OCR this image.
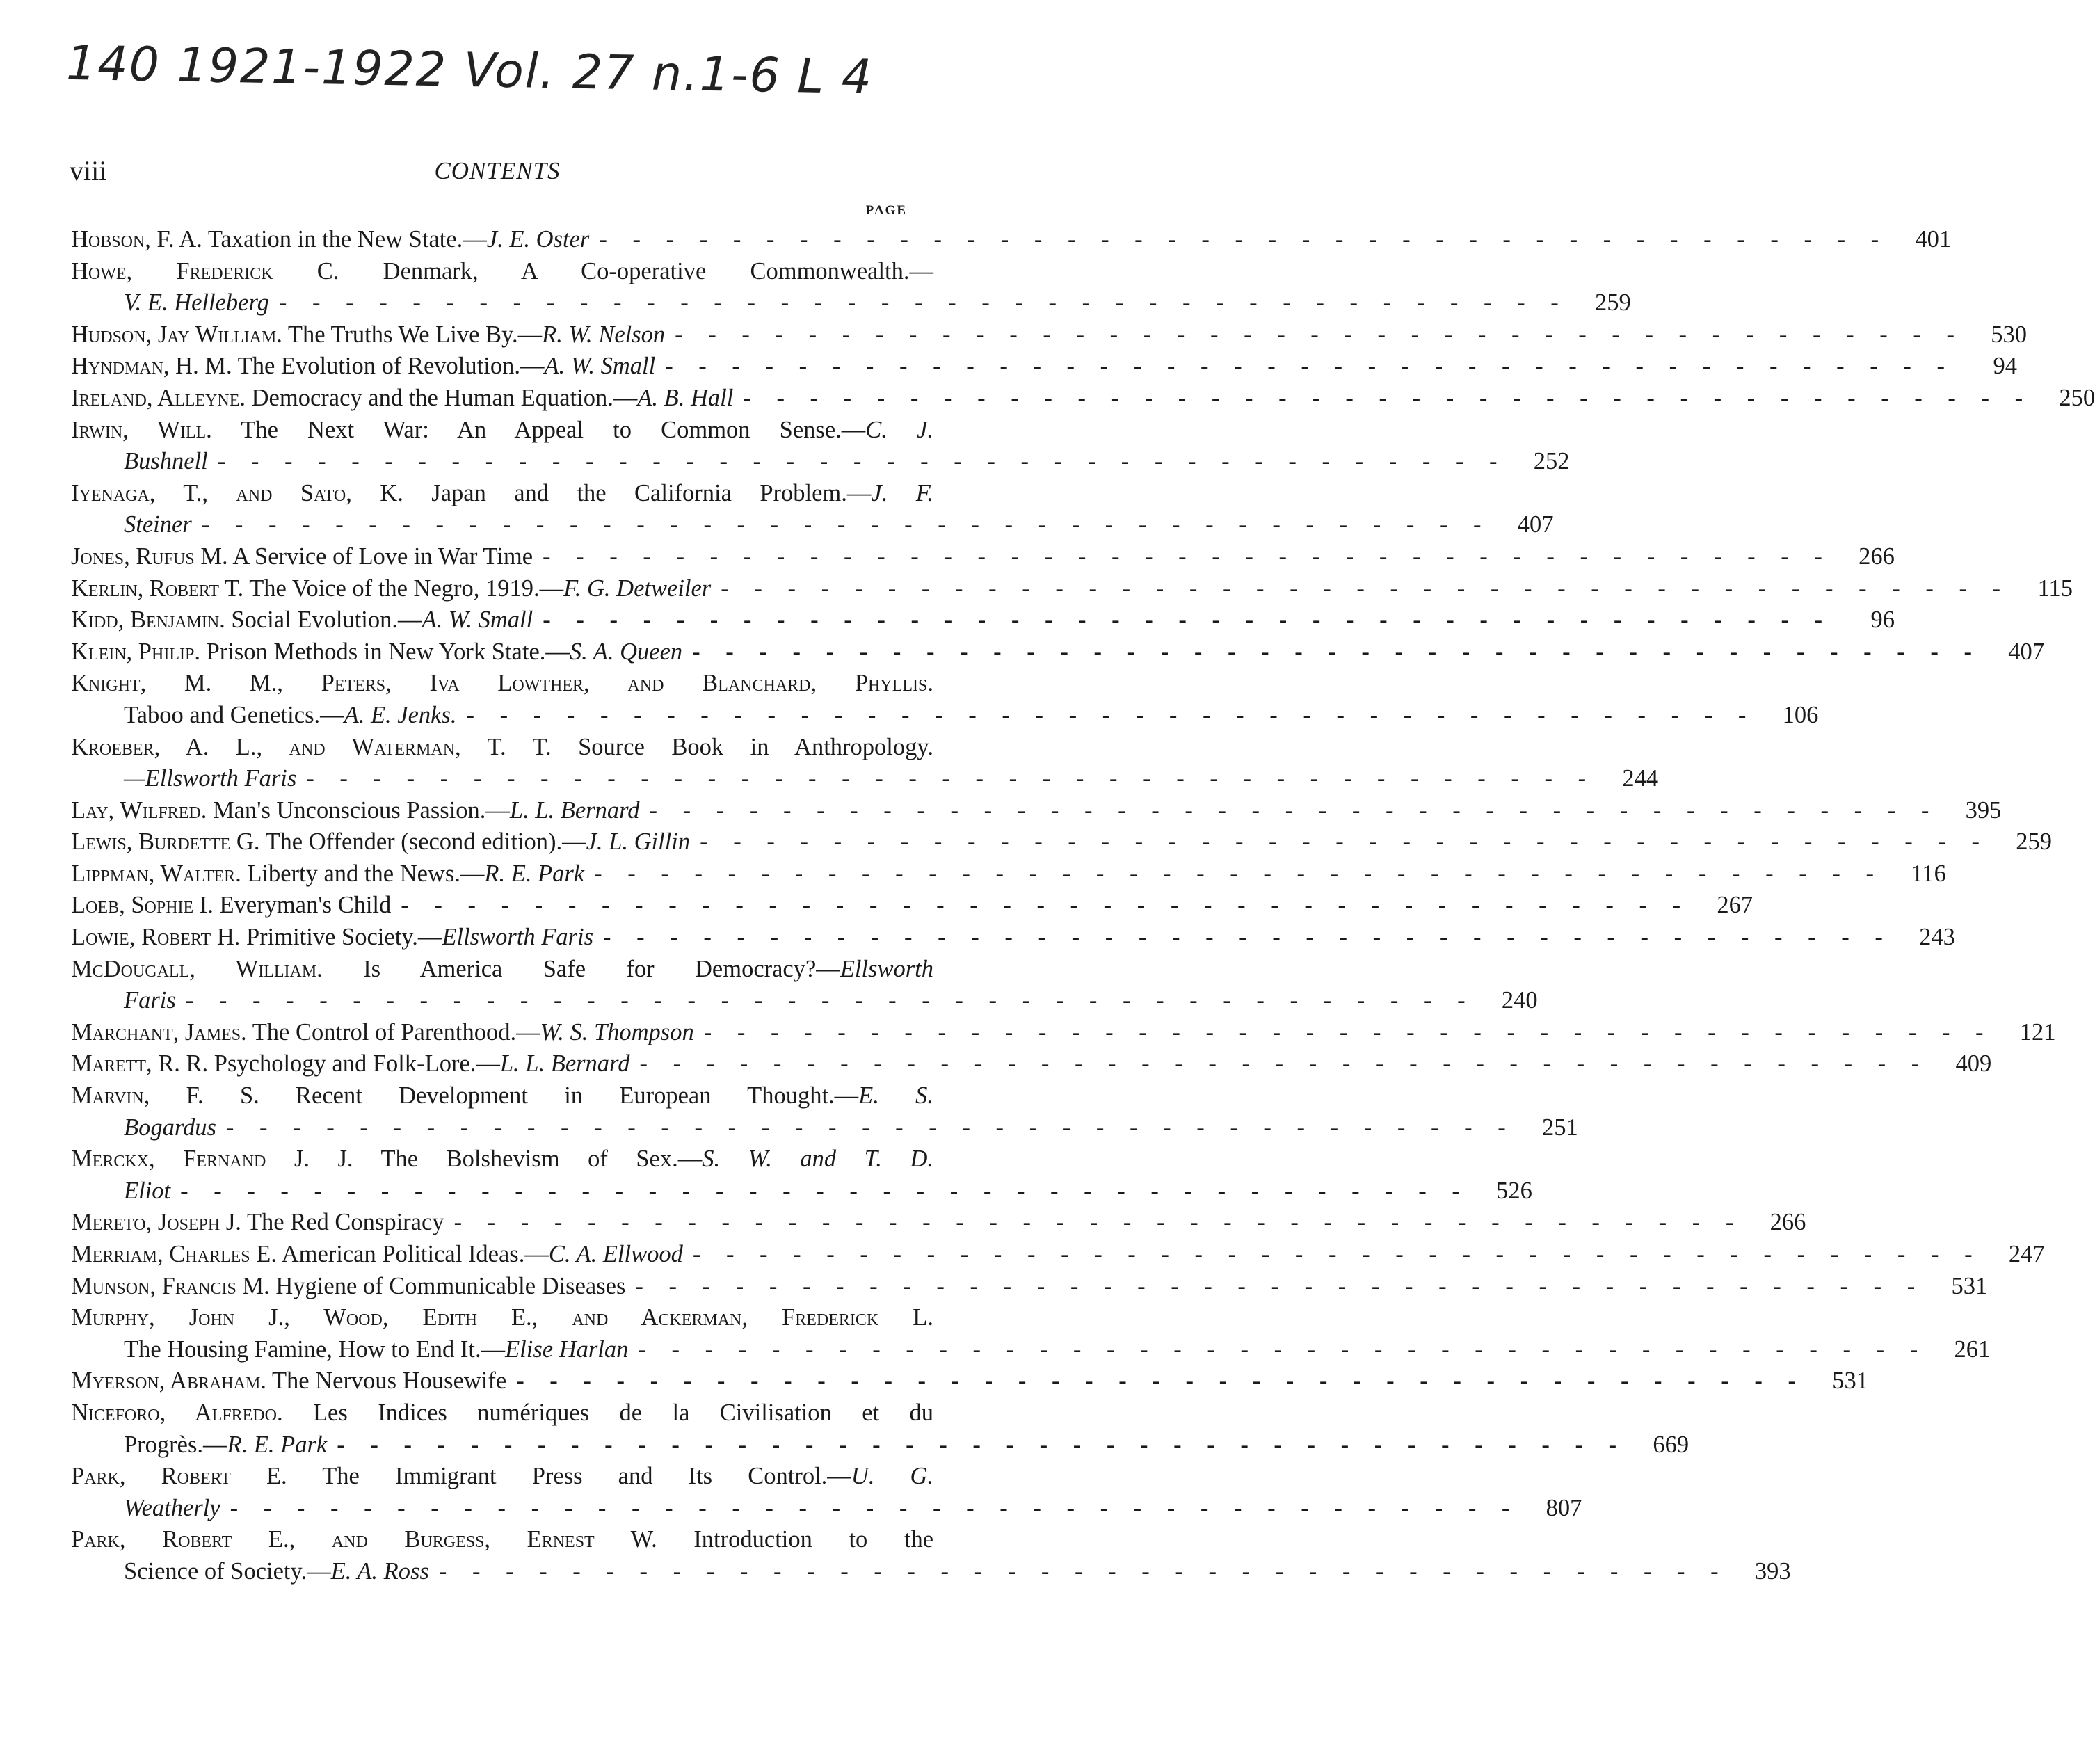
140 1921-1922 Vol. 27 n.1-6 L 4
viii	CONTENTS
PAGE
Hobson, F. A. Taxation in the New State.—J. E. Oster - - - - - - - - - - - - - - - - - - - - - - - - - - - - - - - - - - - - - - -	401
Howe, Frederick C. Denmark, A Co-operative Commonwealth.—
V. E. Helleberg - - - - - - - - - - - - - - - - - - - - - - - - - - - - - - - - - - - - - - -	259
Hudson, Jay William. The Truths We Live By.—R. W. Nelson - - - - - - - - - - - - - - - - - - - - - - - - - - - - - - - - - - - - - - -	530
Hyndman, H. M. The Evolution of Revolution.—A. W. Small - - - - - - - - - - - - - - - - - - - - - - - - - - - - - - - - - - - - - - -	94
Ireland, Alleyne. Democracy and the Human Equation.—A. B. Hall - - - - - - - - - - - - - - - - - - - - - - - - - - - - - - - - - - - - - - -	250
Irwin, Will. The Next War: An Appeal to Common Sense.—C. J.
Bushnell - - - - - - - - - - - - - - - - - - - - - - - - - - - - - - - - - - - - - - -	252
Iyenaga, T., and Sato, K. Japan and the California Problem.—J. F.
Steiner - - - - - - - - - - - - - - - - - - - - - - - - - - - - - - - - - - - - - - -	407
Jones, Rufus M. A Service of Love in War Time - - - - - - - - - - - - - - - - - - - - - - - - - - - - - - - - - - - - - - -	266
Kerlin, Robert T. The Voice of the Negro, 1919.—F. G. Detweiler - - - - - - - - - - - - - - - - - - - - - - - - - - - - - - - - - - - - - - -	115
Kidd, Benjamin. Social Evolution.—A. W. Small - - - - - - - - - - - - - - - - - - - - - - - - - - - - - - - - - - - - - - -	96
Klein, Philip. Prison Methods in New York State.—S. A. Queen - - - - - - - - - - - - - - - - - - - - - - - - - - - - - - - - - - - - - - -	407
Knight, M. M., Peters, Iva Lowther, and Blanchard, Phyllis.
Taboo and Genetics.—A. E. Jenks. - - - - - - - - - - - - - - - - - - - - - - - - - - - - - - - - - - - - - - -	106
Kroeber, A. L., and Waterman, T. T. Source Book in Anthropology.
—Ellsworth Faris - - - - - - - - - - - - - - - - - - - - - - - - - - - - - - - - - - - - - - -	244
Lay, Wilfred. Man's Unconscious Passion.—L. L. Bernard - - - - - - - - - - - - - - - - - - - - - - - - - - - - - - - - - - - - - - -	395
Lewis, Burdette G. The Offender (second edition).—J. L. Gillin - - - - - - - - - - - - - - - - - - - - - - - - - - - - - - - - - - - - - - -	259
Lippman, Walter. Liberty and the News.—R. E. Park - - - - - - - - - - - - - - - - - - - - - - - - - - - - - - - - - - - - - - -	116
Loeb, Sophie I. Everyman's Child - - - - - - - - - - - - - - - - - - - - - - - - - - - - - - - - - - - - - - -	267
Lowie, Robert H. Primitive Society.—Ellsworth Faris - - - - - - - - - - - - - - - - - - - - - - - - - - - - - - - - - - - - - - -	243
McDougall, William. Is America Safe for Democracy?—Ellsworth
Faris - - - - - - - - - - - - - - - - - - - - - - - - - - - - - - - - - - - - - - -	240
Marchant, James. The Control of Parenthood.—W. S. Thompson - - - - - - - - - - - - - - - - - - - - - - - - - - - - - - - - - - - - - - -	121
Marett, R. R. Psychology and Folk-Lore.—L. L. Bernard - - - - - - - - - - - - - - - - - - - - - - - - - - - - - - - - - - - - - - -	409
Marvin, F. S. Recent Development in European Thought.—E. S.
Bogardus - - - - - - - - - - - - - - - - - - - - - - - - - - - - - - - - - - - - - - -	251
Merckx, Fernand J. J. The Bolshevism of Sex.—S. W. and T. D.
Eliot - - - - - - - - - - - - - - - - - - - - - - - - - - - - - - - - - - - - - - -	526
Mereto, Joseph J. The Red Conspiracy - - - - - - - - - - - - - - - - - - - - - - - - - - - - - - - - - - - - - - -	266
Merriam, Charles E. American Political Ideas.—C. A. Ellwood - - - - - - - - - - - - - - - - - - - - - - - - - - - - - - - - - - - - - - -	247
Munson, Francis M. Hygiene of Communicable Diseases - - - - - - - - - - - - - - - - - - - - - - - - - - - - - - - - - - - - - - -	531
Murphy, John J., Wood, Edith E., and Ackerman, Frederick L.
The Housing Famine, How to End It.—Elise Harlan - - - - - - - - - - - - - - - - - - - - - - - - - - - - - - - - - - - - - - -	261
Myerson, Abraham. The Nervous Housewife - - - - - - - - - - - - - - - - - - - - - - - - - - - - - - - - - - - - - - -	531
Niceforo, Alfredo. Les Indices numériques de la Civilisation et du
Progrès.—R. E. Park - - - - - - - - - - - - - - - - - - - - - - - - - - - - - - - - - - - - - - -	669
Park, Robert E. The Immigrant Press and Its Control.—U. G.
Weatherly - - - - - - - - - - - - - - - - - - - - - - - - - - - - - - - - - - - - - - -	807
Park, Robert E., and Burgess, Ernest W. Introduction to the
Science of Society.—E. A. Ross - - - - - - - - - - - - - - - - - - - - - - - - - - - - - - - - - - - - - - -	393
